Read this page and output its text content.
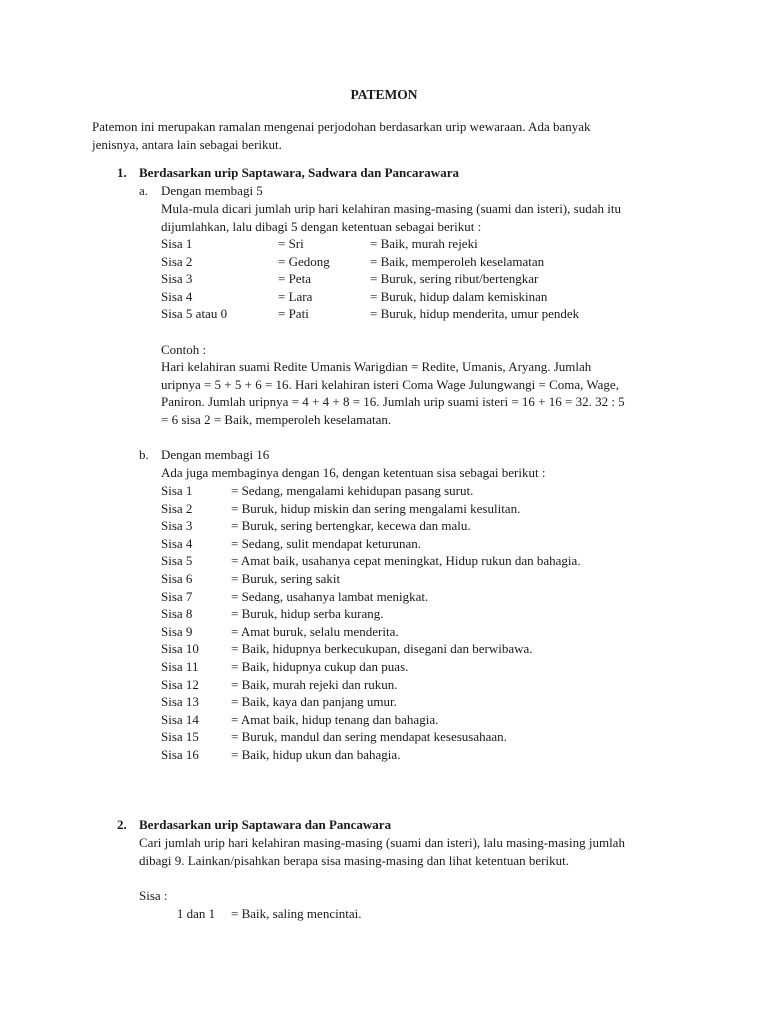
PATEMON
Patemon ini merupakan ramalan mengenai perjodohan berdasarkan urip wewaraan. Ada banyak
jenisnya, antara lain sebagai berikut.
1. Berdasarkan urip Saptawara, Sadwara dan Pancarawara
a. Dengan membagi 5
Mula-mula dicari jumlah urip hari kelahiran masing-masing (suami dan isteri), sudah itu
dijumlahkan, lalu dibagi 5 dengan ketentuan sebagai berikut :
Sisa 1	= Sri	= Baik, murah rejeki
Sisa 2	= Gedong	= Baik, memperoleh keselamatan
Sisa 3	= Peta	= Buruk, sering ribut/bertengkar
Sisa 4	= Lara	= Buruk, hidup dalam kemiskinan
Sisa 5 atau 0	= Pati	= Buruk, hidup menderita, umur pendek
Contoh :
Hari kelahiran suami Redite Umanis Warigdian = Redite, Umanis, Aryang. Jumlah
uripnya = 5 + 5 + 6 = 16. Hari kelahiran isteri Coma Wage Julungwangi = Coma, Wage,
Paniron. Jumlah uripnya = 4 + 4 + 8 = 16. Jumlah urip suami isteri = 16 + 16 = 32. 32 : 5
= 6 sisa 2 = Baik, memperoleh keselamatan.
b. Dengan membagi 16
Ada juga membaginya dengan 16, dengan ketentuan sisa sebagai berikut :
Sisa 1	= Sedang, mengalami kehidupan pasang surut.
Sisa 2	= Buruk, hidup miskin dan sering mengalami kesulitan.
Sisa 3	= Buruk, sering bertengkar, kecewa dan malu.
Sisa 4	= Sedang, sulit mendapat keturunan.
Sisa 5	= Amat baik, usahanya cepat meningkat, Hidup rukun dan bahagia.
Sisa 6	= Buruk, sering sakit
Sisa 7	= Sedang, usahanya lambat menigkat.
Sisa 8	= Buruk, hidup serba kurang.
Sisa 9	= Amat buruk, selalu menderita.
Sisa 10	= Baik, hidupnya berkecukupan, disegani dan berwibawa.
Sisa 11	= Baik, hidupnya cukup dan puas.
Sisa 12	= Baik, murah rejeki dan rukun.
Sisa 13	= Baik, kaya dan panjang umur.
Sisa 14	= Amat baik, hidup tenang dan bahagia.
Sisa 15	= Buruk, mandul dan sering mendapat kesesusahaan.
Sisa 16	= Baik, hidup ukun dan bahagia.
2. Berdasarkan urip Saptawara dan Pancawara
Cari jumlah urip hari kelahiran masing-masing (suami dan isteri), lalu masing-masing jumlah
dibagi 9. Lainkan/pisahkan berapa sisa masing-masing dan lihat ketentuan berikut.
Sisa :
1 dan 1	= Baik, saling mencintai.
